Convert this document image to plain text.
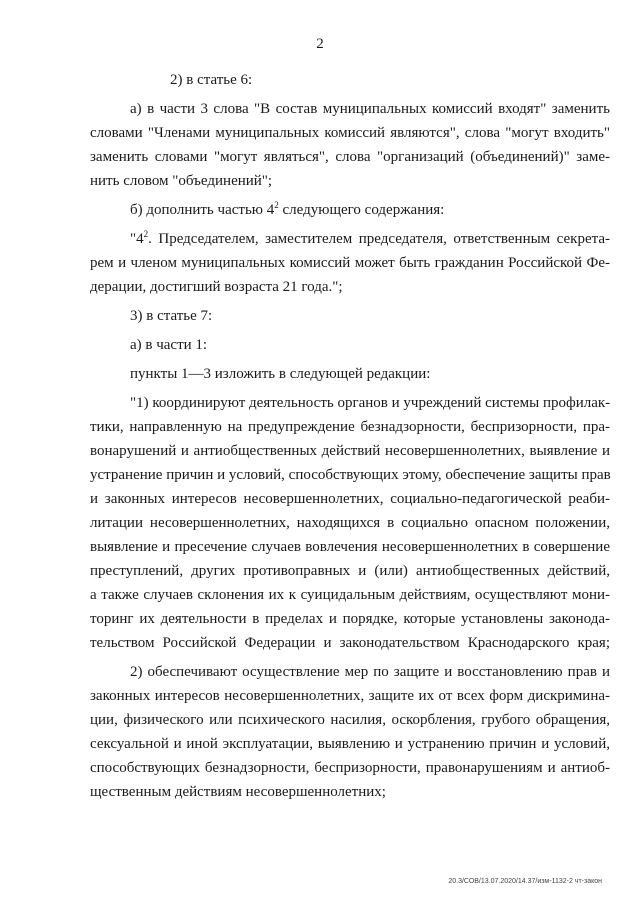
2
2) в статье 6:
а) в части 3 слова "В состав муниципальных комиссий входят" заменить
словами "Членами муниципальных комиссий являются", слова "могут входить"
заменить словами "могут являться", слова "организаций (объединений)" заме-
нить словом "объединений";
б) дополнить частью $4^2$ следующего содержания:
"$4^2$. Председателем, заместителем председателя, ответственным секрета-
рем и членом муниципальных комиссий может быть гражданин Российской Фе-
дерации, достигший возраста 21 года.";
3) в статье 7:
а) в части 1:
пункты 1—3 изложить в следующей редакции:
"1) координируют деятельность органов и учреждений системы профилак-
тики, направленную на предупреждение безнадзорности, беспризорности, пра-
вонарушений и антиобщественных действий несовершеннолетних, выявление и
устранение причин и условий, способствующих этому, обеспечение защиты прав
и законных интересов несовершеннолетних, социально-педагогической реаби-
литации несовершеннолетних, находящихся в социально опасном положении,
выявление и пресечение случаев вовлечения несовершеннолетних в совершение
преступлений, других противоправных и (или) антиобщественных действий,
а также случаев склонения их к суицидальным действиям, осуществляют мони-
торинг их деятельности в пределах и порядке, которые установлены законода-
тельством Российской Федерации и законодательством Краснодарского края;
2) обеспечивают осуществление мер по защите и восстановлению прав и
законных интересов несовершеннолетних, защите их от всех форм дискримина-
ции, физического или психического насилия, оскорбления, грубого обращения,
сексуальной и иной эксплуатации, выявлению и устранению причин и условий,
способствующих безнадзорности, беспризорности, правонарушениям и антиоб-
щественным действиям несовершеннолетних;
20.3/СОВ/13.07.2020/14.37/изм-1132-2 чт-закон
